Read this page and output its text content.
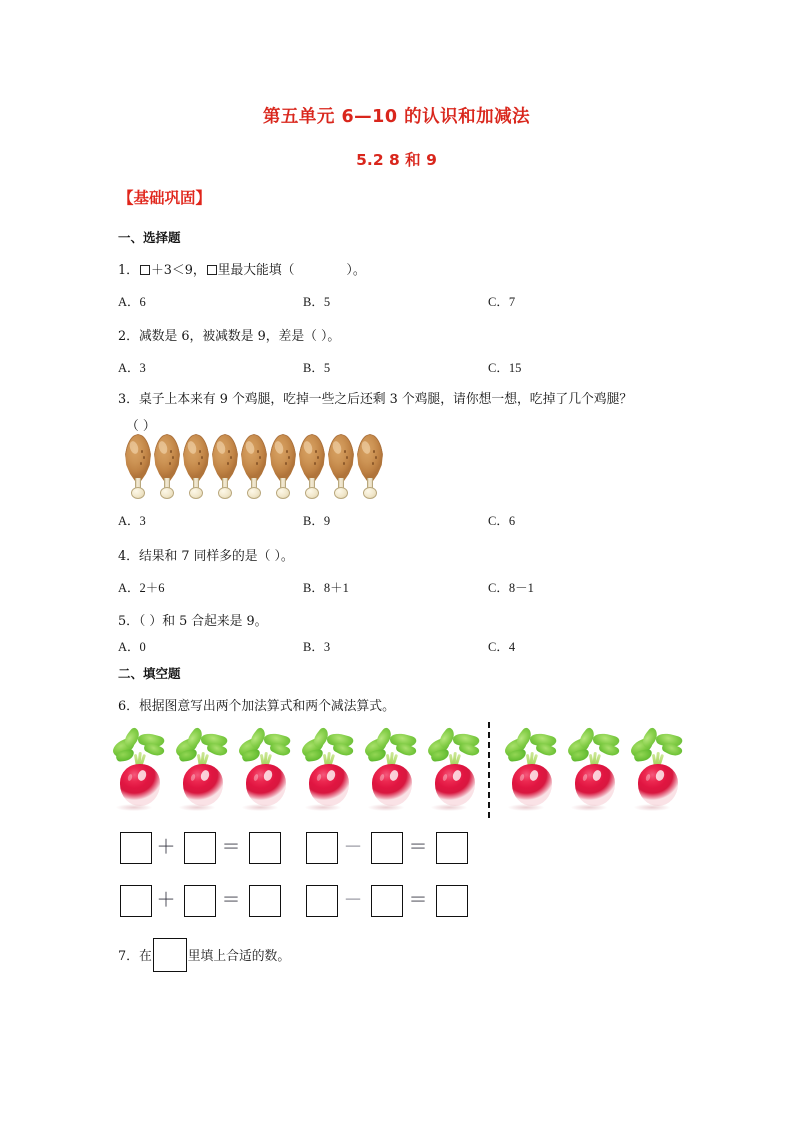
第五单元 6—10 的认识和加减法
5.2 8 和 9
【基础巩固】
一、选择题
1． ＋3＜9， 里最大能填（	）。
A．6	B．5	C．7
2．减数是 6，被减数是 9，差是（ ）。
A．3	B．5	C．15
3．桌子上本来有 9 个鸡腿，吃掉一些之后还剩 3 个鸡腿，请你想一想，吃掉了几个鸡腿？
（ ）
A．3	B．9	C．6
4．结果和 7 同样多的是（ ）。
A．2＋6	B．8＋1	C．8－1
5．（ ）和 5 合起来是 9。
A．0	B．3	C．4
二、填空题
6．根据图意写出两个加法算式和两个减法算式。
＋ ＝	－ ＝
＋ ＝	－ ＝
7．在	里填上合适的数。
